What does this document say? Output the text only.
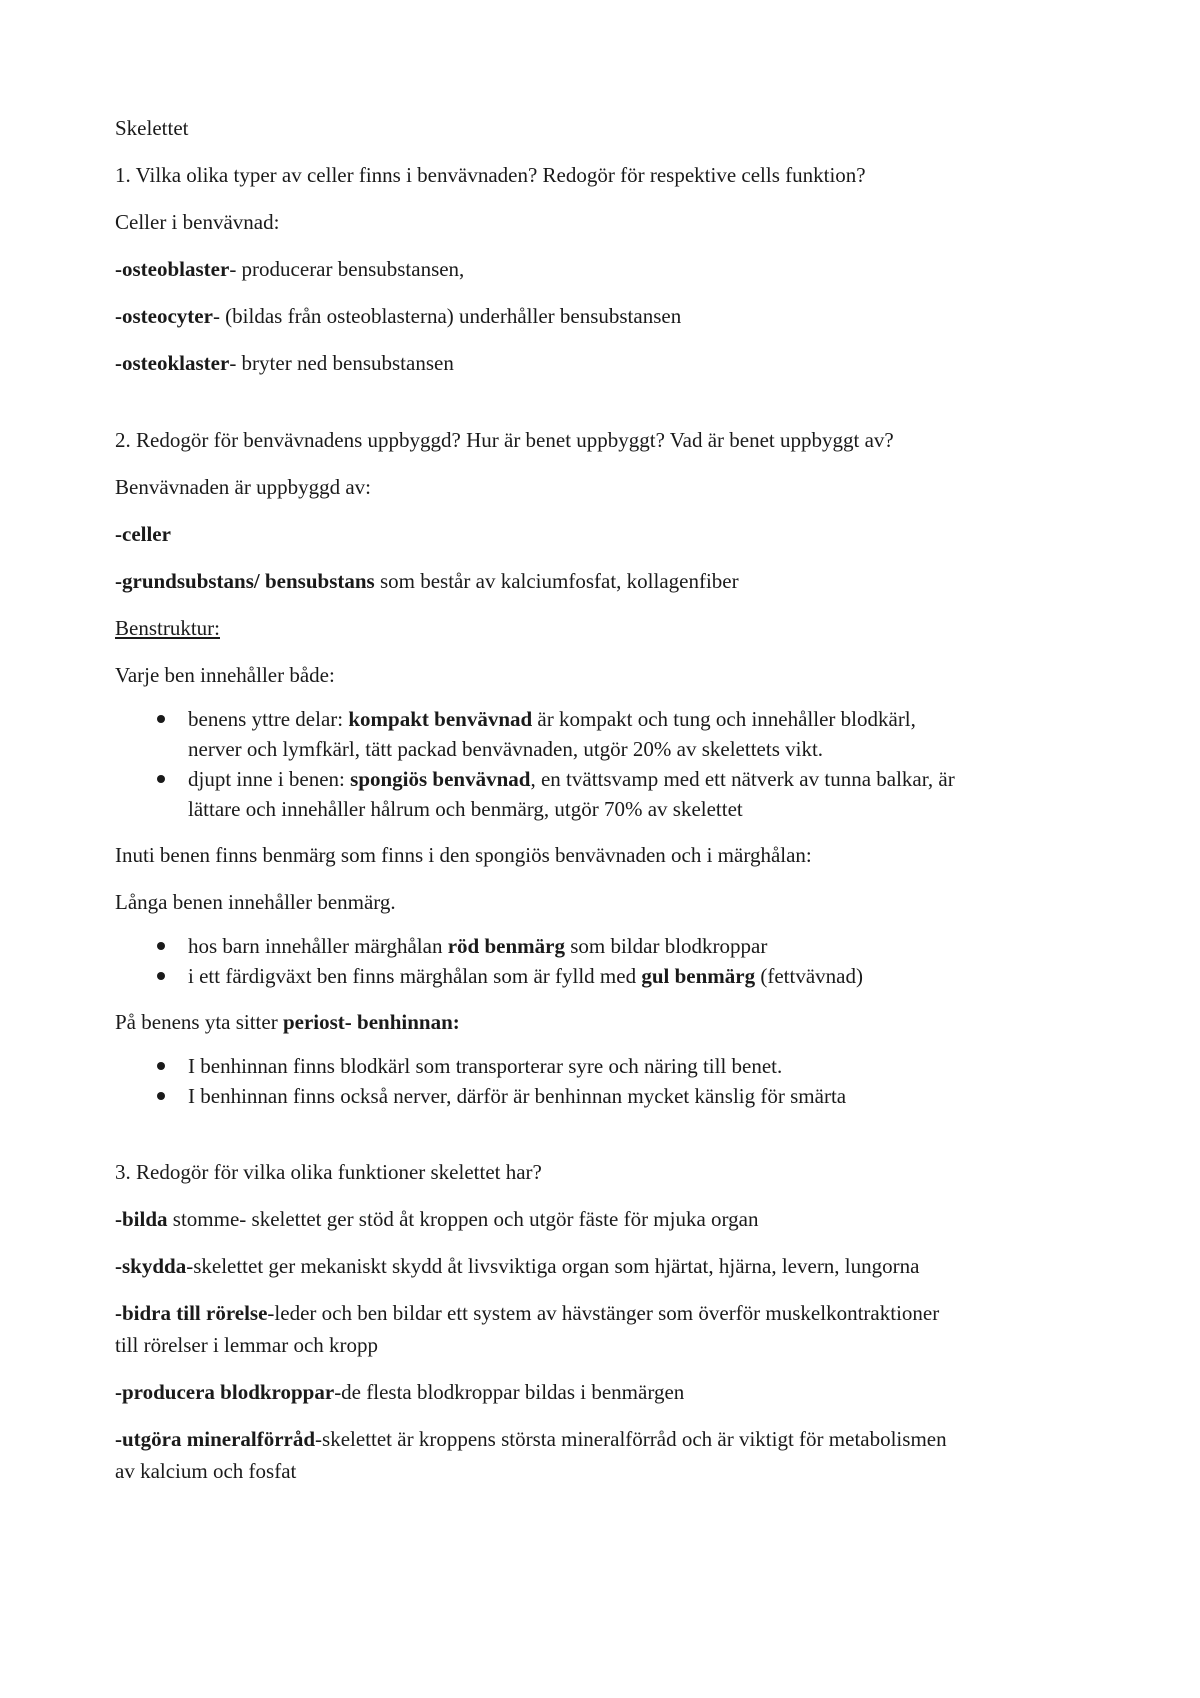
Skelettet

1. Vilka olika typer av celler finns i benvävnaden? Redogör för respektive cells funktion?

Celler i benvävnad:

-osteoblaster- producerar bensubstansen,

-osteocyter- (bildas från osteoblasterna) underhåller bensubstansen

-osteoklaster- bryter ned bensubstansen

2. Redogör för benvävnadens uppbyggd? Hur är benet uppbyggt? Vad är benet uppbyggt av?

Benvävnaden är uppbyggd av:

-celler

-grundsubstans/ bensubstans som består av kalciumfosfat, kollagenfiber

Benstruktur:

Varje ben innehåller både:

benens yttre delar: kompakt benvävnad är kompakt och tung och innehåller blodkärl,
nerver och lymfkärl, tätt packad benvävnaden, utgör 20% av skelettets vikt.
djupt inne i benen: spongiös benvävnad, en tvättsvamp med ett nätverk av tunna balkar, är
lättare och innehåller hålrum och benmärg, utgör 70% av skelettet

Inuti benen finns benmärg som finns i den spongiös benvävnaden och i märghålan:

Långa benen innehåller benmärg.

hos barn innehåller märghålan röd benmärg som bildar blodkroppar
i ett färdigväxt ben finns märghålan som är fylld med gul benmärg (fettvävnad)

På benens yta sitter periost- benhinnan:

I benhinnan finns blodkärl som transporterar syre och näring till benet.
I benhinnan finns också nerver, därför är benhinnan mycket känslig för smärta

3. Redogör för vilka olika funktioner skelettet har?

-bilda stomme- skelettet ger stöd åt kroppen och utgör fäste för mjuka organ

-skydda-skelettet ger mekaniskt skydd åt livsviktiga organ som hjärtat, hjärna, levern, lungorna

-bidra till rörelse-leder och ben bildar ett system av hävstänger som överför muskelkontraktioner
till rörelser i lemmar och kropp

-producera blodkroppar-de flesta blodkroppar bildas i benmärgen

-utgöra mineralförråd-skelettet är kroppens största mineralförråd och är viktigt för metabolismen
av kalcium och fosfat
